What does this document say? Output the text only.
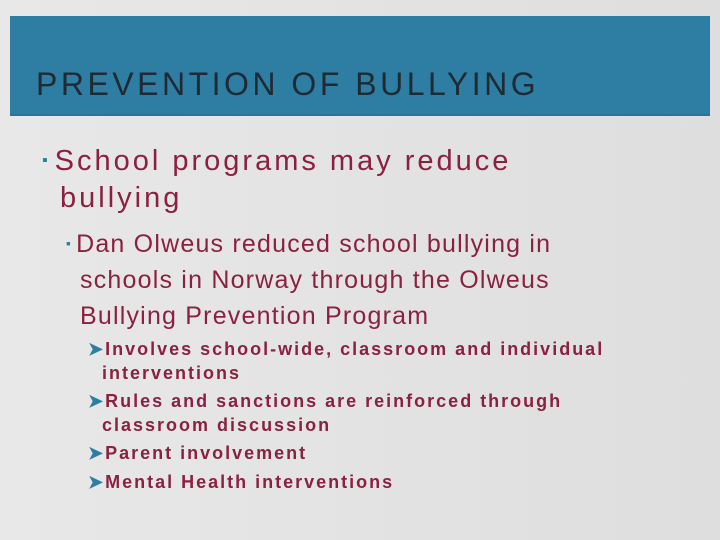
PREVENTION OF BULLYING
▪ School programs may reduce
bullying
▪ Dan Olweus reduced school bullying in
schools in Norway through the Olweus
Bullying Prevention Program
➤Involves school-wide, classroom and individual
interventions
➤Rules and sanctions are reinforced through
classroom discussion
➤Parent involvement
➤Mental Health interventions
